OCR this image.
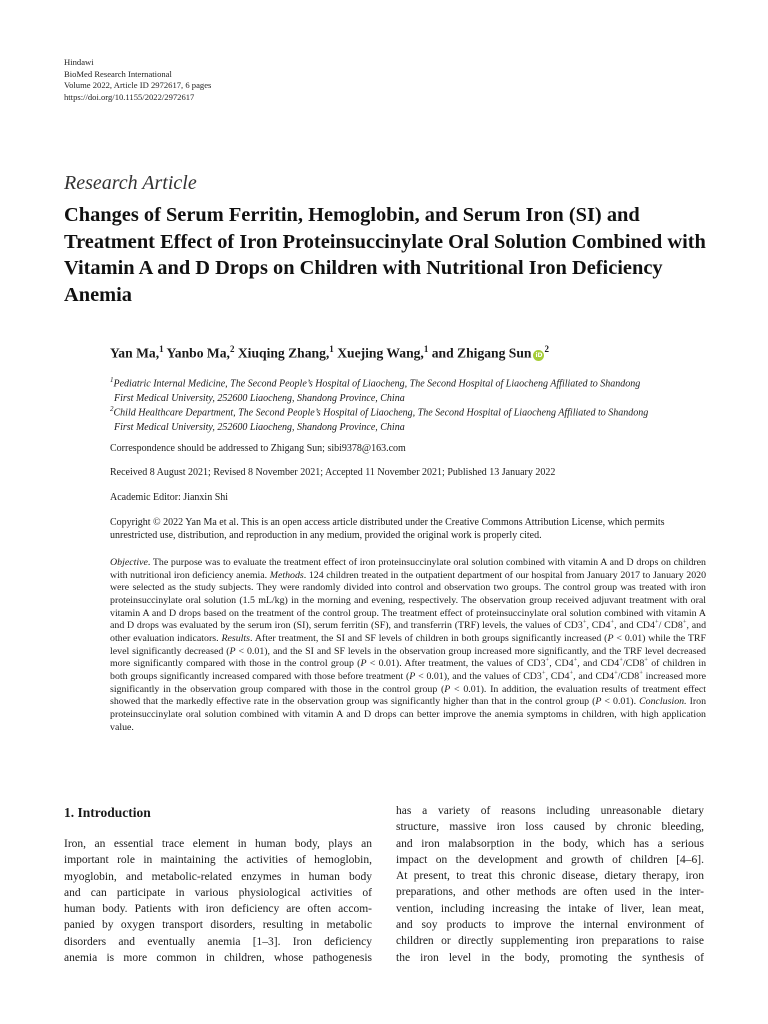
Hindawi
BioMed Research International
Volume 2022, Article ID 2972617, 6 pages
https://doi.org/10.1155/2022/2972617
Research Article
Changes of Serum Ferritin, Hemoglobin, and Serum Iron (SI) and Treatment Effect of Iron Proteinsuccinylate Oral Solution Combined with Vitamin A and D Drops on Children with Nutritional Iron Deficiency Anemia
Yan Ma,$^1$ Yanbo Ma,$^2$ Xiuqing Zhang,$^1$ Xuejing Wang,$^1$ and Zhigang Sun $iD^2$
$^1$Pediatric Internal Medicine, The Second People’s Hospital of Liaocheng, The Second Hospital of Liaocheng Affiliated to Shandong
First Medical University, 252600 Liaocheng, Shandong Province, China
$^2$Child Healthcare Department, The Second People’s Hospital of Liaocheng, The Second Hospital of Liaocheng Affiliated to Shandong
First Medical University, 252600 Liaocheng, Shandong Province, China
Correspondence should be addressed to Zhigang Sun; sibi9378@163.com
Received 8 August 2021; Revised 8 November 2021; Accepted 11 November 2021; Published 13 January 2022
Academic Editor: Jianxin Shi
Copyright © 2022 Yan Ma et al. This is an open access article distributed under the Creative Commons Attribution License, which permits unrestricted use, distribution, and reproduction in any medium, provided the original work is properly cited.
Objective. The purpose was to evaluate the treatment effect of iron proteinsuccinylate oral solution combined with vitamin A and D drops on children with nutritional iron deficiency anemia. Methods. 124 children treated in the outpatient department of our hospital from January 2017 to January 2020 were selected as the study subjects. They were randomly divided into control and observation two groups. The control group was treated with iron proteinsuccinylate oral solution (1.5 mL/kg) in the morning and evening, respectively. The observation group received adjuvant treatment with oral vitamin A and D drops based on the treatment of the control group. The treatment effect of proteinsuccinylate oral solution combined with vitamin A and D drops was evaluated by the serum iron (SI), serum ferritin (SF), and transferrin (TRF) levels, the values of CD3+, CD4+, and CD4+/ CD8+, and other evaluation indicators. Results. After treatment, the SI and SF levels of children in both groups significantly increased (P < 0.01) while the TRF level significantly decreased (P < 0.01), and the SI and SF levels in the observation group increased more significantly, and the TRF level decreased more significantly compared with those in the control group (P < 0.01). After treatment, the values of CD3+, CD4+, and CD4+/CD8+ of children in both groups significantly increased compared with those before treatment (P < 0.01), and the values of CD3+, CD4+, and CD4+/CD8+ increased more significantly in the observation group compared with those in the control group (P < 0.01). In addition, the evaluation results of treatment effect showed that the markedly effective rate in the observation group was significantly higher than that in the control group (P < 0.01). Conclusion. Iron proteinsuccinylate oral solution combined with vitamin A and D drops can better improve the anemia symptoms in children, with high application value.
1. Introduction
Iron, an essential trace element in human body, plays an
important role in maintaining the activities of hemoglobin,
myoglobin, and metabolic-related enzymes in human body
and can participate in various physiological activities of
human body. Patients with iron deficiency are often accom-
panied by oxygen transport disorders, resulting in metabolic
disorders and eventually anemia [1–3]. Iron deficiency
anemia is more common in children, whose pathogenesis
has a variety of reasons including unreasonable dietary
structure, massive iron loss caused by chronic bleeding,
and iron malabsorption in the body, which has a serious
impact on the development and growth of children [4–6].
At present, to treat this chronic disease, dietary therapy, iron
preparations, and other methods are often used in the inter-
vention, including increasing the intake of liver, lean meat,
and soy products to improve the internal environment of
children or directly supplementing iron preparations to raise
the iron level in the body, promoting the synthesis of
